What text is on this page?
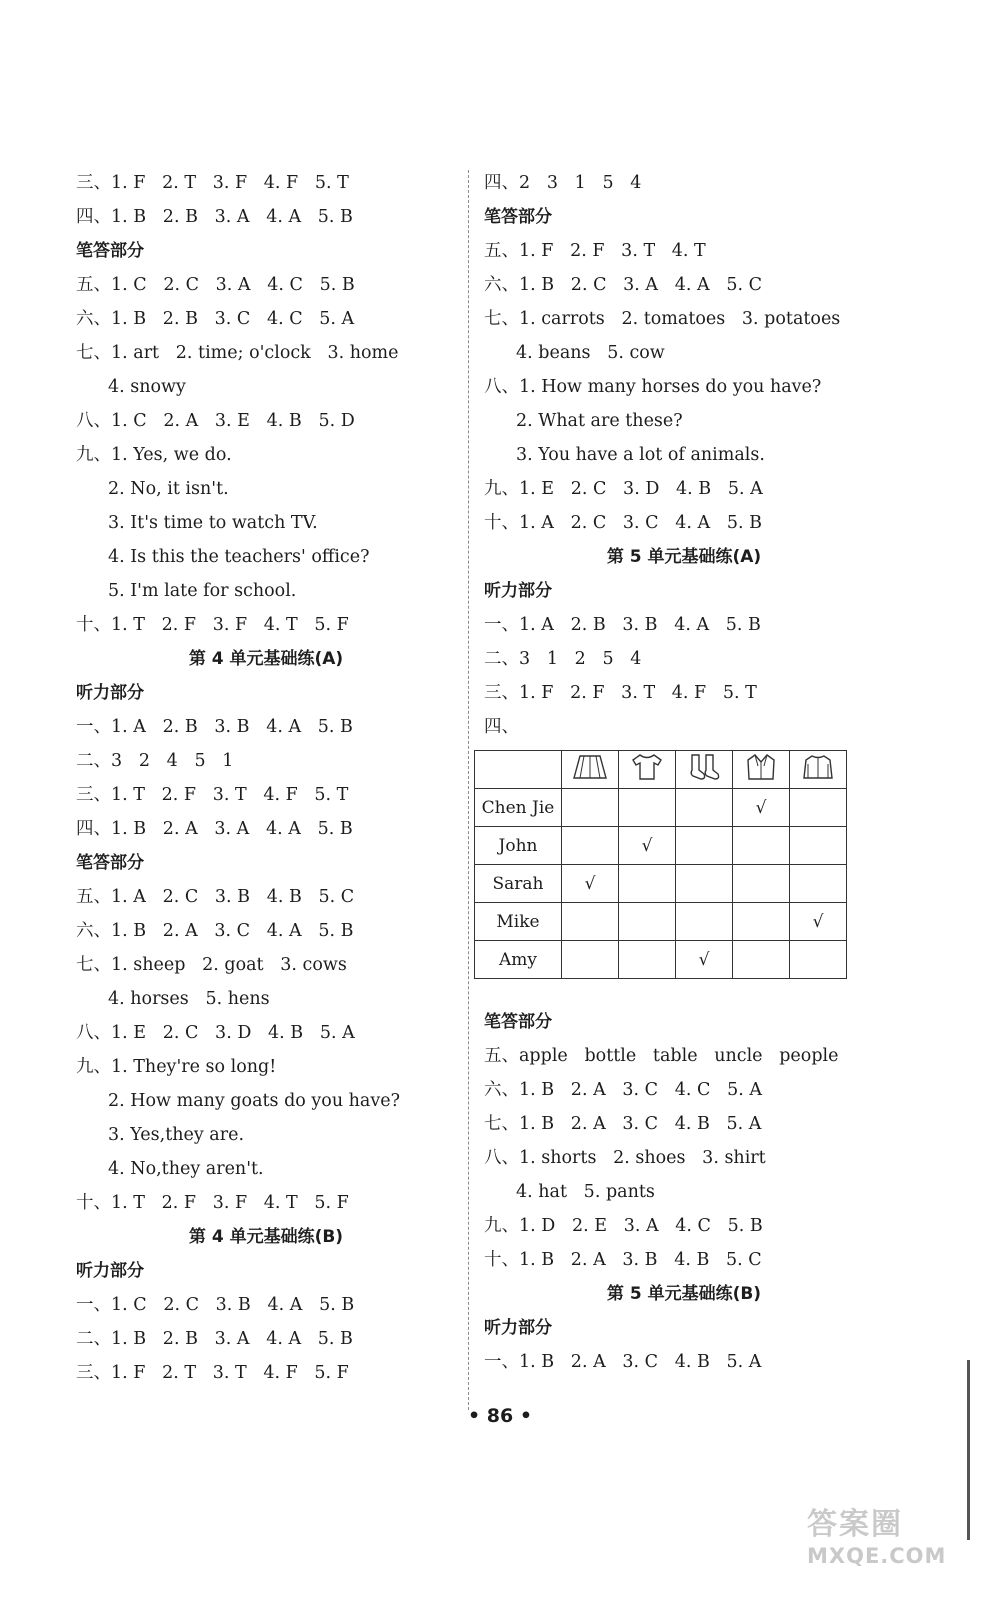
三、1. F   2. T   3. F   4. F   5. T
四、1. B   2. B   3. A   4. A   5. B
笔答部分
五、1. C   2. C   3. A   4. C   5. B
六、1. B   2. B   3. C   4. C   5. A
七、1. art   2. time; o'clock   3. home
4. snowy
八、1. C   2. A   3. E   4. B   5. D
九、1. Yes, we do.
2. No, it isn't.
3. It's time to watch TV.
4. Is this the teachers' office?
5. I'm late for school.
十、1. T   2. F   3. F   4. T   5. F
第 4 单元基础练(A)
听力部分
一、1. A   2. B   3. B   4. A   5. B
二、3   2   4   5   1
三、1. T   2. F   3. T   4. F   5. T
四、1. B   2. A   3. A   4. A   5. B
笔答部分
五、1. A   2. C   3. B   4. B   5. C
六、1. B   2. A   3. C   4. A   5. B
七、1. sheep   2. goat   3. cows
4. horses   5. hens
八、1. E   2. C   3. D   4. B   5. A
九、1. They're so long!
2. How many goats do you have?
3. Yes,they are.
4. No,they aren't.
十、1. T   2. F   3. F   4. T   5. F
第 4 单元基础练(B)
听力部分
一、1. C   2. C   3. B   4. A   5. B
二、1. B   2. B   3. A   4. A   5. B
三、1. F   2. T   3. T   4. F   5. F
四、2   3   1   5   4
笔答部分
五、1. F   2. F   3. T   4. T
六、1. B   2. C   3. A   4. A   5. C
七、1. carrots   2. tomatoes   3. potatoes
4. beans   5. cow
八、1. How many horses do you have?
2. What are these?
3. You have a lot of animals.
九、1. E   2. C   3. D   4. B   5. A
十、1. A   2. C   3. C   4. A   5. B
第 5 单元基础练(A)
听力部分
一、1. A   2. B   3. B   4. A   5. B
二、3   1   2   5   4
三、1. F   2. F   3. T   4. F   5. T
四、

Chen Jie				√	
John		√			
Sarah	√				
Mike					√
Amy			√		
笔答部分
五、apple   bottle   table   uncle   people
六、1. B   2. A   3. C   4. C   5. A
七、1. B   2. A   3. C   4. B   5. A
八、1. shorts   2. shoes   3. shirt
4. hat   5. pants
九、1. D   2. E   3. A   4. C   5. B
十、1. B   2. A   3. B   4. B   5. C
第 5 单元基础练(B)
听力部分
一、1. B   2. A   3. C   4. B   5. A
• 86 •
答案圈
MXQE.COM
